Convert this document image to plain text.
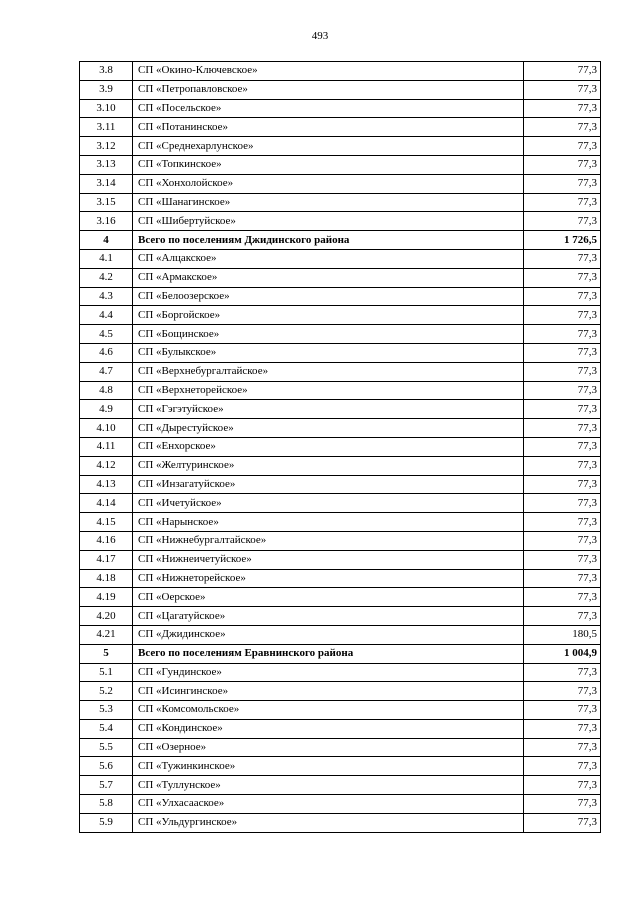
493
3.8	СП «Окино-Ключевское»	77,3
3.9	СП «Петропавловское»	77,3
3.10	СП «Посельское»	77,3
3.11	СП «Потанинское»	77,3
3.12	СП «Среднехарлунское»	77,3
3.13	СП «Топкинское»	77,3
3.14	СП «Хонхолойское»	77,3
3.15	СП «Шанагинское»	77,3
3.16	СП «Шибертуйское»	77,3
4	Всего по поселениям Джидинского района	1 726,5
4.1	СП «Алцакское»	77,3
4.2	СП «Армакское»	77,3
4.3	СП «Белоозерское»	77,3
4.4	СП «Боргойское»	77,3
4.5	СП «Бощинское»	77,3
4.6	СП «Булыкское»	77,3
4.7	СП «Верхнебургалтайское»	77,3
4.8	СП «Верхнеторейское»	77,3
4.9	СП «Гэгэтуйское»	77,3
4.10	СП «Дырестуйское»	77,3
4.11	СП «Енхорское»	77,3
4.12	СП «Желтуринское»	77,3
4.13	СП «Инзагатуйское»	77,3
4.14	СП «Ичетуйское»	77,3
4.15	СП «Нарынское»	77,3
4.16	СП «Нижнебургалтайское»	77,3
4.17	СП «Нижнеичетуйское»	77,3
4.18	СП «Нижнеторейское»	77,3
4.19	СП «Оерское»	77,3
4.20	СП «Цагатуйское»	77,3
4.21	СП «Джидинское»	180,5
5	Всего по поселениям Еравнинского района	1 004,9
5.1	СП «Гундинское»	77,3
5.2	СП «Исингинское»	77,3
5.3	СП «Комсомольское»	77,3
5.4	СП «Кондинское»	77,3
5.5	СП «Озерное»	77,3
5.6	СП «Тужинкинское»	77,3
5.7	СП «Туллунское»	77,3
5.8	СП «Улхасааское»	77,3
5.9	СП «Ульдургинское»	77,3
